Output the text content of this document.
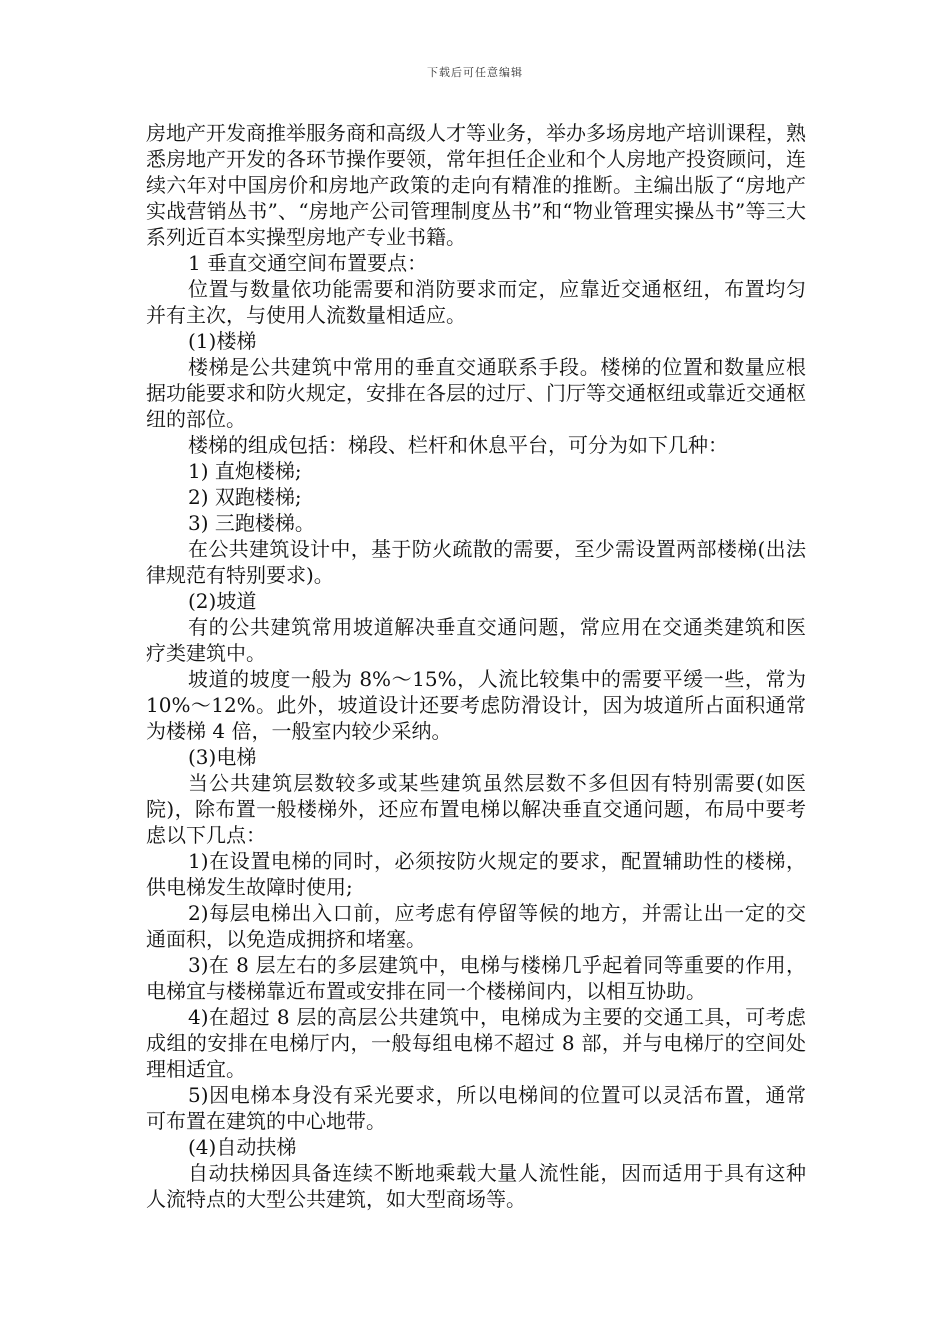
下载后可任意编辑

房地产开发商推举服务商和高级人才等业务，举办多场房地产培训课程，熟悉房地产开发的各环节操作要领，常年担任企业和个人房地产投资顾问，连续六年对中国房价和房地产政策的走向有精准的推断。主编出版了“房地产实战营销丛书”、“房地产公司管理制度丛书”和“物业管理实操丛书”等三大系列近百本实操型房地产专业书籍。

1 垂直交通空间布置要点：

位置与数量依功能需要和消防要求而定，应靠近交通枢纽，布置均匀并有主次，与使用人流数量相适应。

(1)楼梯

楼梯是公共建筑中常用的垂直交通联系手段。楼梯的位置和数量应根据功能要求和防火规定，安排在各层的过厅、门厅等交通枢纽或靠近交通枢纽的部位。

楼梯的组成包括：梯段、栏杆和休息平台，可分为如下几种：

1) 直炮楼梯;

2) 双跑楼梯;

3) 三跑楼梯。

在公共建筑设计中，基于防火疏散的需要，至少需设置两部楼梯(出法律规范有特别要求)。

(2)坡道

有的公共建筑常用坡道解决垂直交通问题，常应用在交通类建筑和医疗类建筑中。

坡道的坡度一般为 8%～15%，人流比较集中的需要平缓一些，常为 10%～12%。此外，坡道设计还要考虑防滑设计，因为坡道所占面积通常为楼梯 4 倍，一般室内较少采纳。

(3)电梯

当公共建筑层数较多或某些建筑虽然层数不多但因有特别需要(如医院)，除布置一般楼梯外，还应布置电梯以解决垂直交通问题，布局中要考虑以下几点：

1)在设置电梯的同时，必须按防火规定的要求，配置辅助性的楼梯，供电梯发生故障时使用;

2)每层电梯出入口前，应考虑有停留等候的地方，并需让出一定的交通面积，以免造成拥挤和堵塞。

3)在 8 层左右的多层建筑中，电梯与楼梯几乎起着同等重要的作用，电梯宜与楼梯靠近布置或安排在同一个楼梯间内，以相互协助。

4)在超过 8 层的高层公共建筑中，电梯成为主要的交通工具，可考虑成组的安排在电梯厅内，一般每组电梯不超过 8 部，并与电梯厅的空间处理相适宜。

5)因电梯本身没有采光要求，所以电梯间的位置可以灵活布置，通常可布置在建筑的中心地带。

(4)自动扶梯

自动扶梯因具备连续不断地乘载大量人流性能，因而适用于具有这种人流特点的大型公共建筑，如大型商场等。
